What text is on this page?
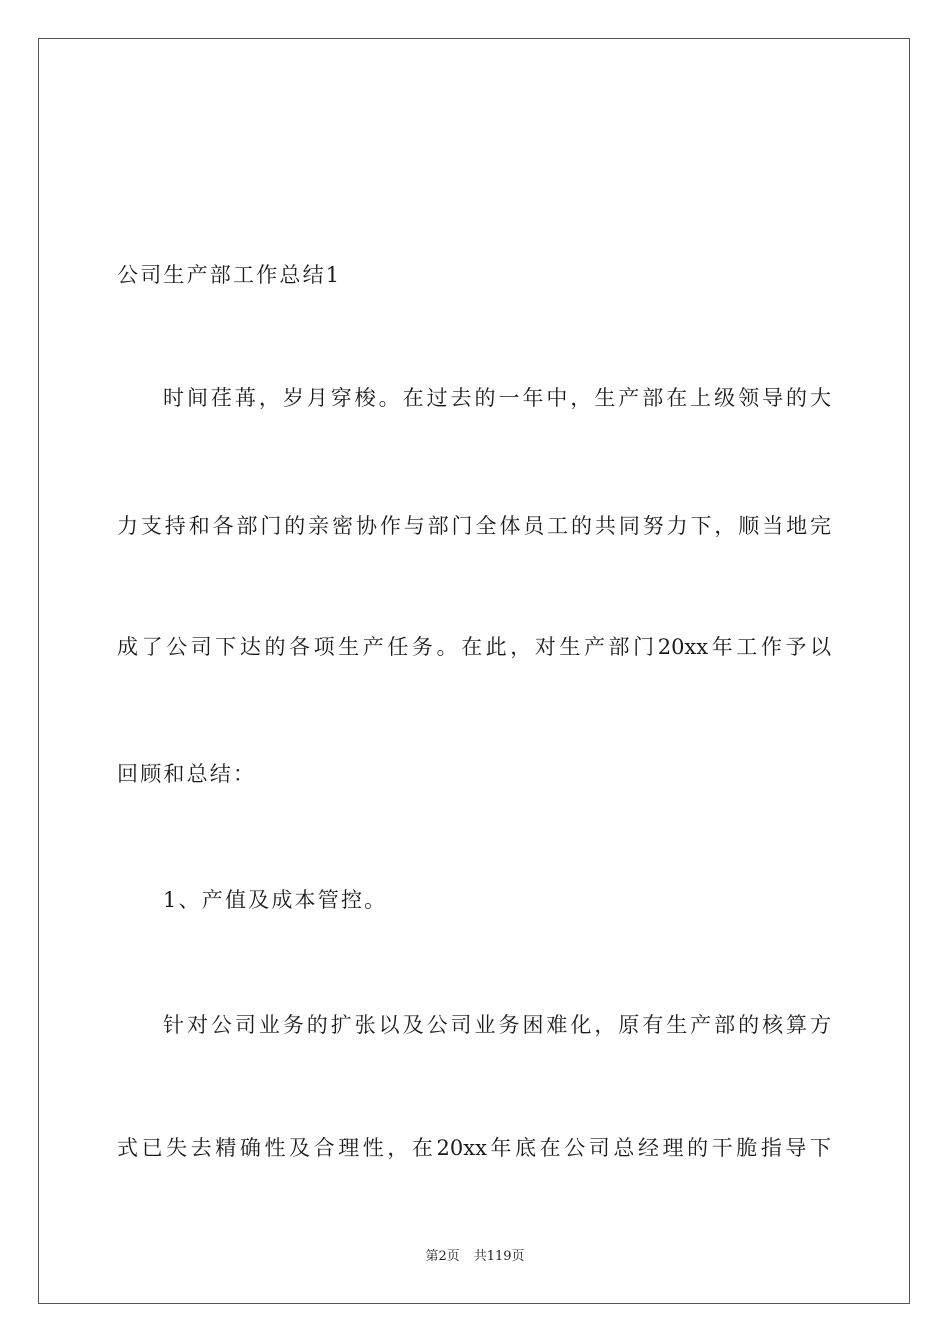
公司生产部工作总结1
时间荏苒，岁月穿梭。在过去的一年中，生产部在上级领导的大
力支持和各部门的亲密协作与部门全体员工的共同努力下，顺当地完
成了公司下达的各项生产任务。在此，对生产部门20xx年工作予以
回顾和总结：
1、产值及成本管控。
针对公司业务的扩张以及公司业务困难化，原有生产部的核算方
式已失去精确性及合理性，在20xx年底在公司总经理的干脆指导下
第2页 共119页
